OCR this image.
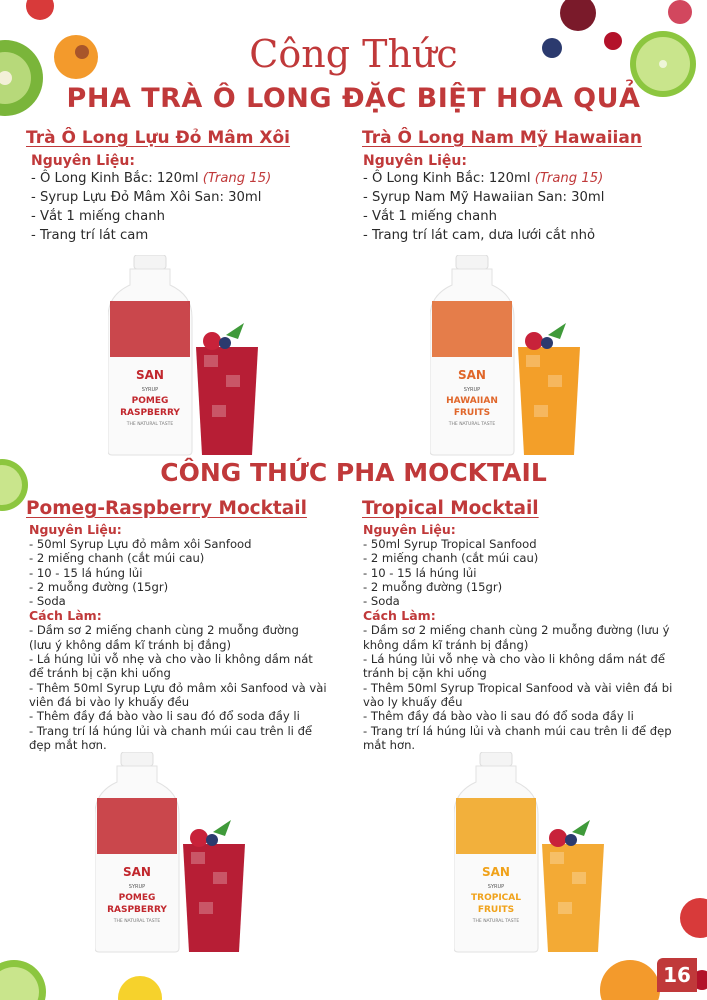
Công Thức
PHA TRÀ Ô LONG ĐẶC BIỆT HOA QUẢ
Trà Ô Long Lựu Đỏ Mâm Xôi
Nguyên Liệu:
- Ô Long Kinh Bắc: 120ml (Trang 15)
- Syrup Lựu Đỏ Mâm Xôi San: 30ml
- Vắt 1 miếng chanh
- Trang trí lát cam
Trà Ô Long Nam Mỹ Hawaiian
Nguyên Liệu:
- Ô Long Kinh Bắc: 120ml (Trang 15)
- Syrup Nam Mỹ Hawaiian San: 30ml
- Vắt 1 miếng chanh
- Trang trí lát cam, dưa lưới cắt nhỏ
SAN
SYRUP
POMEG
RASPBERRY
THE NATURAL TASTE
SAN
SYRUP
HAWAIIAN
FRUITS
THE NATURAL TASTE
CÔNG THỨC PHA MOCKTAIL
Pomeg-Raspberry Mocktail
Nguyên Liệu:
- 50ml Syrup Lựu đỏ mâm xôi Sanfood
- 2 miếng chanh (cắt múi cau)
- 10 - 15 lá húng lủi
- 2 muỗng đường (15gr)
- Soda
Cách Làm:
- Dầm sơ 2 miếng chanh cùng 2 muỗng đường
(lưu ý không dầm kĩ tránh bị đắng)
- Lá húng lủi vỗ nhẹ và cho vào li không dầm nát
để tránh bị cặn khi uống
- Thêm 50ml Syrup Lựu đỏ mâm xôi Sanfood và vài
viên đá bi vào ly khuấy đều
- Thêm đầy đá bào vào li sau đó đổ soda đầy li
- Trang trí lá húng lủi và chanh múi cau trên li để
đẹp mắt hơn.
Tropical Mocktail
Nguyên Liệu:
- 50ml Syrup Tropical Sanfood
- 2 miếng chanh (cắt múi cau)
- 10 - 15 lá húng lủi
- 2 muỗng đường (15gr)
- Soda
Cách Làm:
- Dầm sơ 2 miếng chanh cùng 2 muỗng đường (lưu ý
không dầm kĩ tránh bị đắng)
- Lá húng lủi vỗ nhẹ và cho vào li không dầm nát để
tránh bị cặn khi uống
- Thêm 50ml Syrup Tropical Sanfood và vài viên đá bi
vào ly khuấy đều
- Thêm đầy đá bào vào li sau đó đổ soda đầy li
- Trang trí lá húng lủi và chanh múi cau trên li để đẹp
mắt hơn.
SAN
SYRUP
POMEG
RASPBERRY
THE NATURAL TASTE
SAN
SYRUP
TROPICAL
FRUITS
THE NATURAL TASTE
16
